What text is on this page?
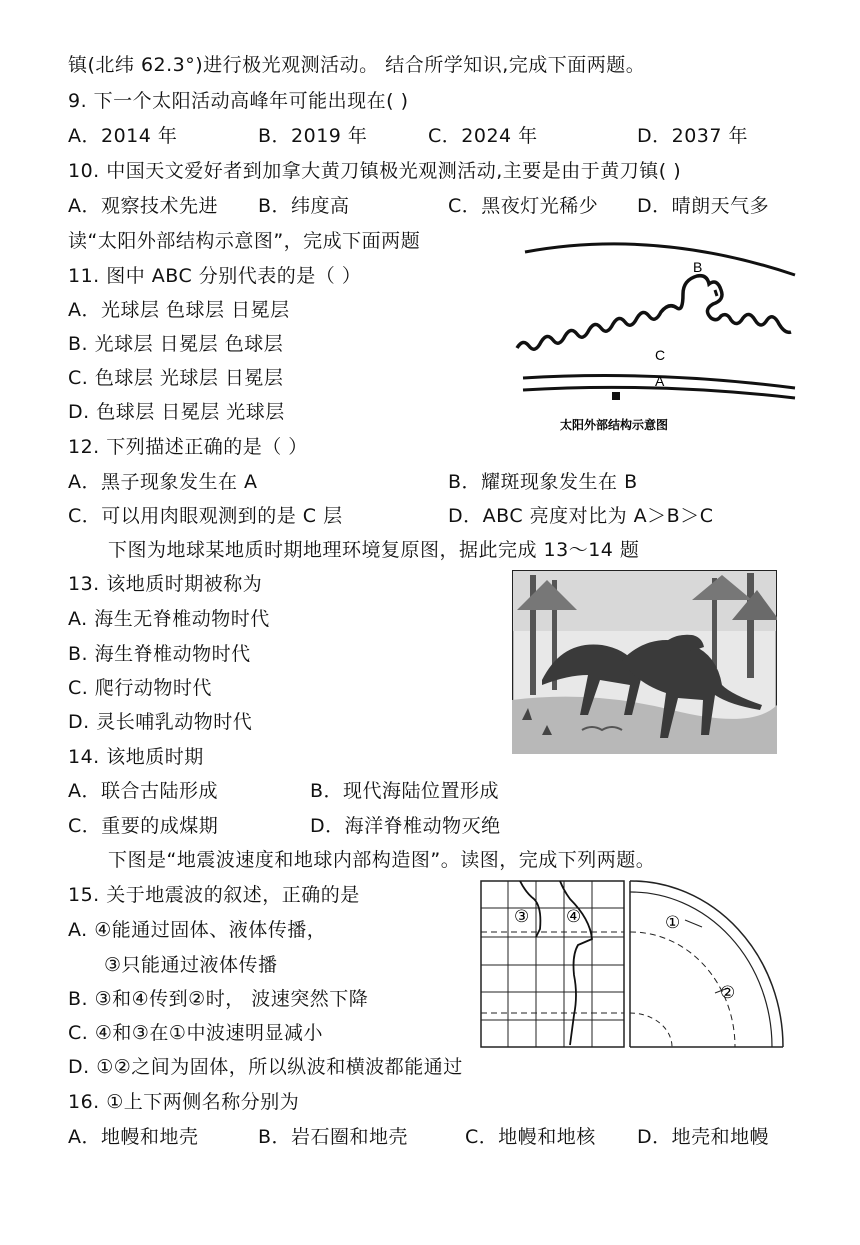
镇(北纬 62.3°)进行极光观测活动。 结合所学知识,完成下面两题。
9. 下一个太阳活动高峰年可能出现在( )
A．2014 年	B．2019 年	C．2024 年	D．2037 年
10. 中国天文爱好者到加拿大黄刀镇极光观测活动,主要是由于黄刀镇( )
A．观察技术先进 B．纬度高	C．黑夜灯光稀少 D．晴朗天气多
读“太阳外部结构示意图”，完成下面两题
11. 图中 ABC 分别代表的是（ ）
A．光球层 色球层 日冕层
B. 光球层 日冕层 色球层
C. 色球层 光球层 日冕层
D. 色球层 日冕层 光球层
12. 下列描述正确的是（ ）
A．黑子现象发生在 A	B．耀斑现象发生在 B
C．可以用肉眼观测到的是 C 层	D．ABC 亮度对比为 A＞B＞C
下图为地球某地质时期地理环境复原图，据此完成 13～14 题
13. 该地质时期被称为
A. 海生无脊椎动物时代
B. 海生脊椎动物时代
C. 爬行动物时代
D. 灵长哺乳动物时代
14. 该地质时期
A．联合古陆形成	B．现代海陆位置形成
C．重要的成煤期	D．海洋脊椎动物灭绝
下图是“地震波速度和地球内部构造图”。读图，完成下列两题。
15. 关于地震波的叙述，正确的是
A. ④能通过固体、液体传播，
③只能通过液体传播
B. ③和④传到②时， 波速突然下降
C. ④和③在①中波速明显减小
D. ①②之间为固体，所以纵波和横波都能通过
16. ①上下两侧名称分别为
A．地幔和地壳	B．岩石圈和地壳	C．地幔和地核 D．地壳和地幔
B
C
A
太阳外部结构示意图
③ ④	①
②
